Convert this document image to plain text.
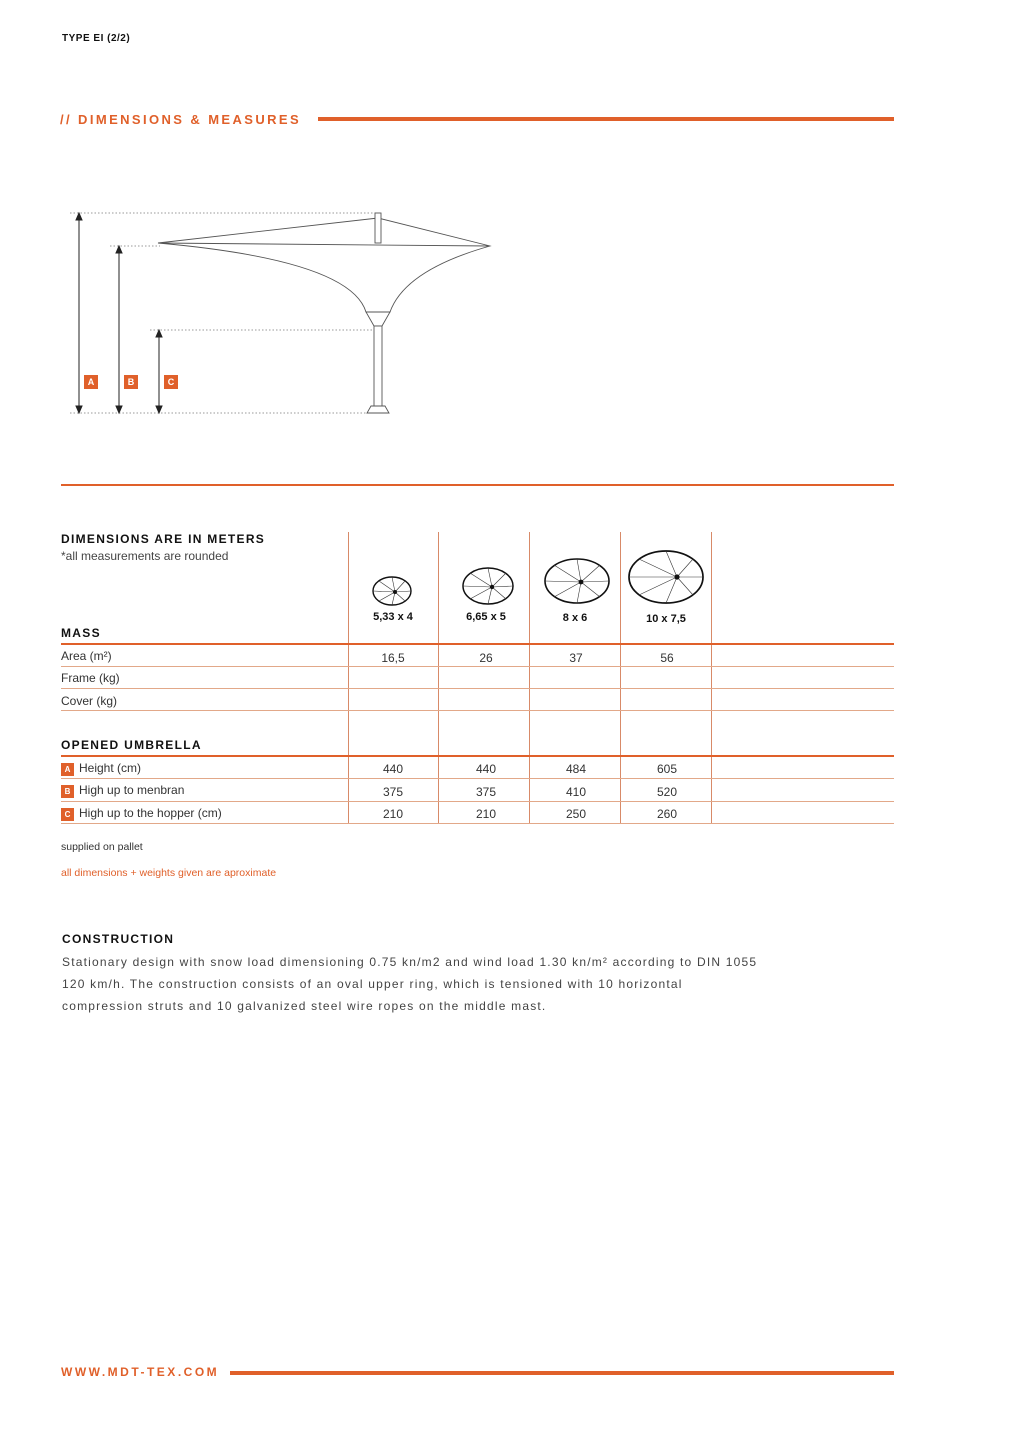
TYPE EI (2/2)
// DIMENSIONS & MEASURES
A	B	C
DIMENSIONS ARE IN METERS
*all measurements are rounded
5,33 x 4	6,65 x 5	8 x 6	10 x 7,5
MASS
Area (m²)	16,5	26	37	56
Frame (kg)
Cover (kg)
OPENED UMBRELLA
A Height (cm)	440	440	484	605
B High up to menbran	375	375	410	520
C High up to the hopper (cm)	210	210	250	260
supplied on pallet
all dimensions + weights given are aproximate
CONSTRUCTION
Stationary design with snow load dimensioning 0.75 kn/m2 and wind load 1.30 kn/m² according to DIN 1055 120 km/h. The construction consists of an oval upper ring, which is tensioned with 10 horizontal compression struts and 10 galvanized steel wire ropes on the middle mast.
WWW.MDT-TEX.COM
